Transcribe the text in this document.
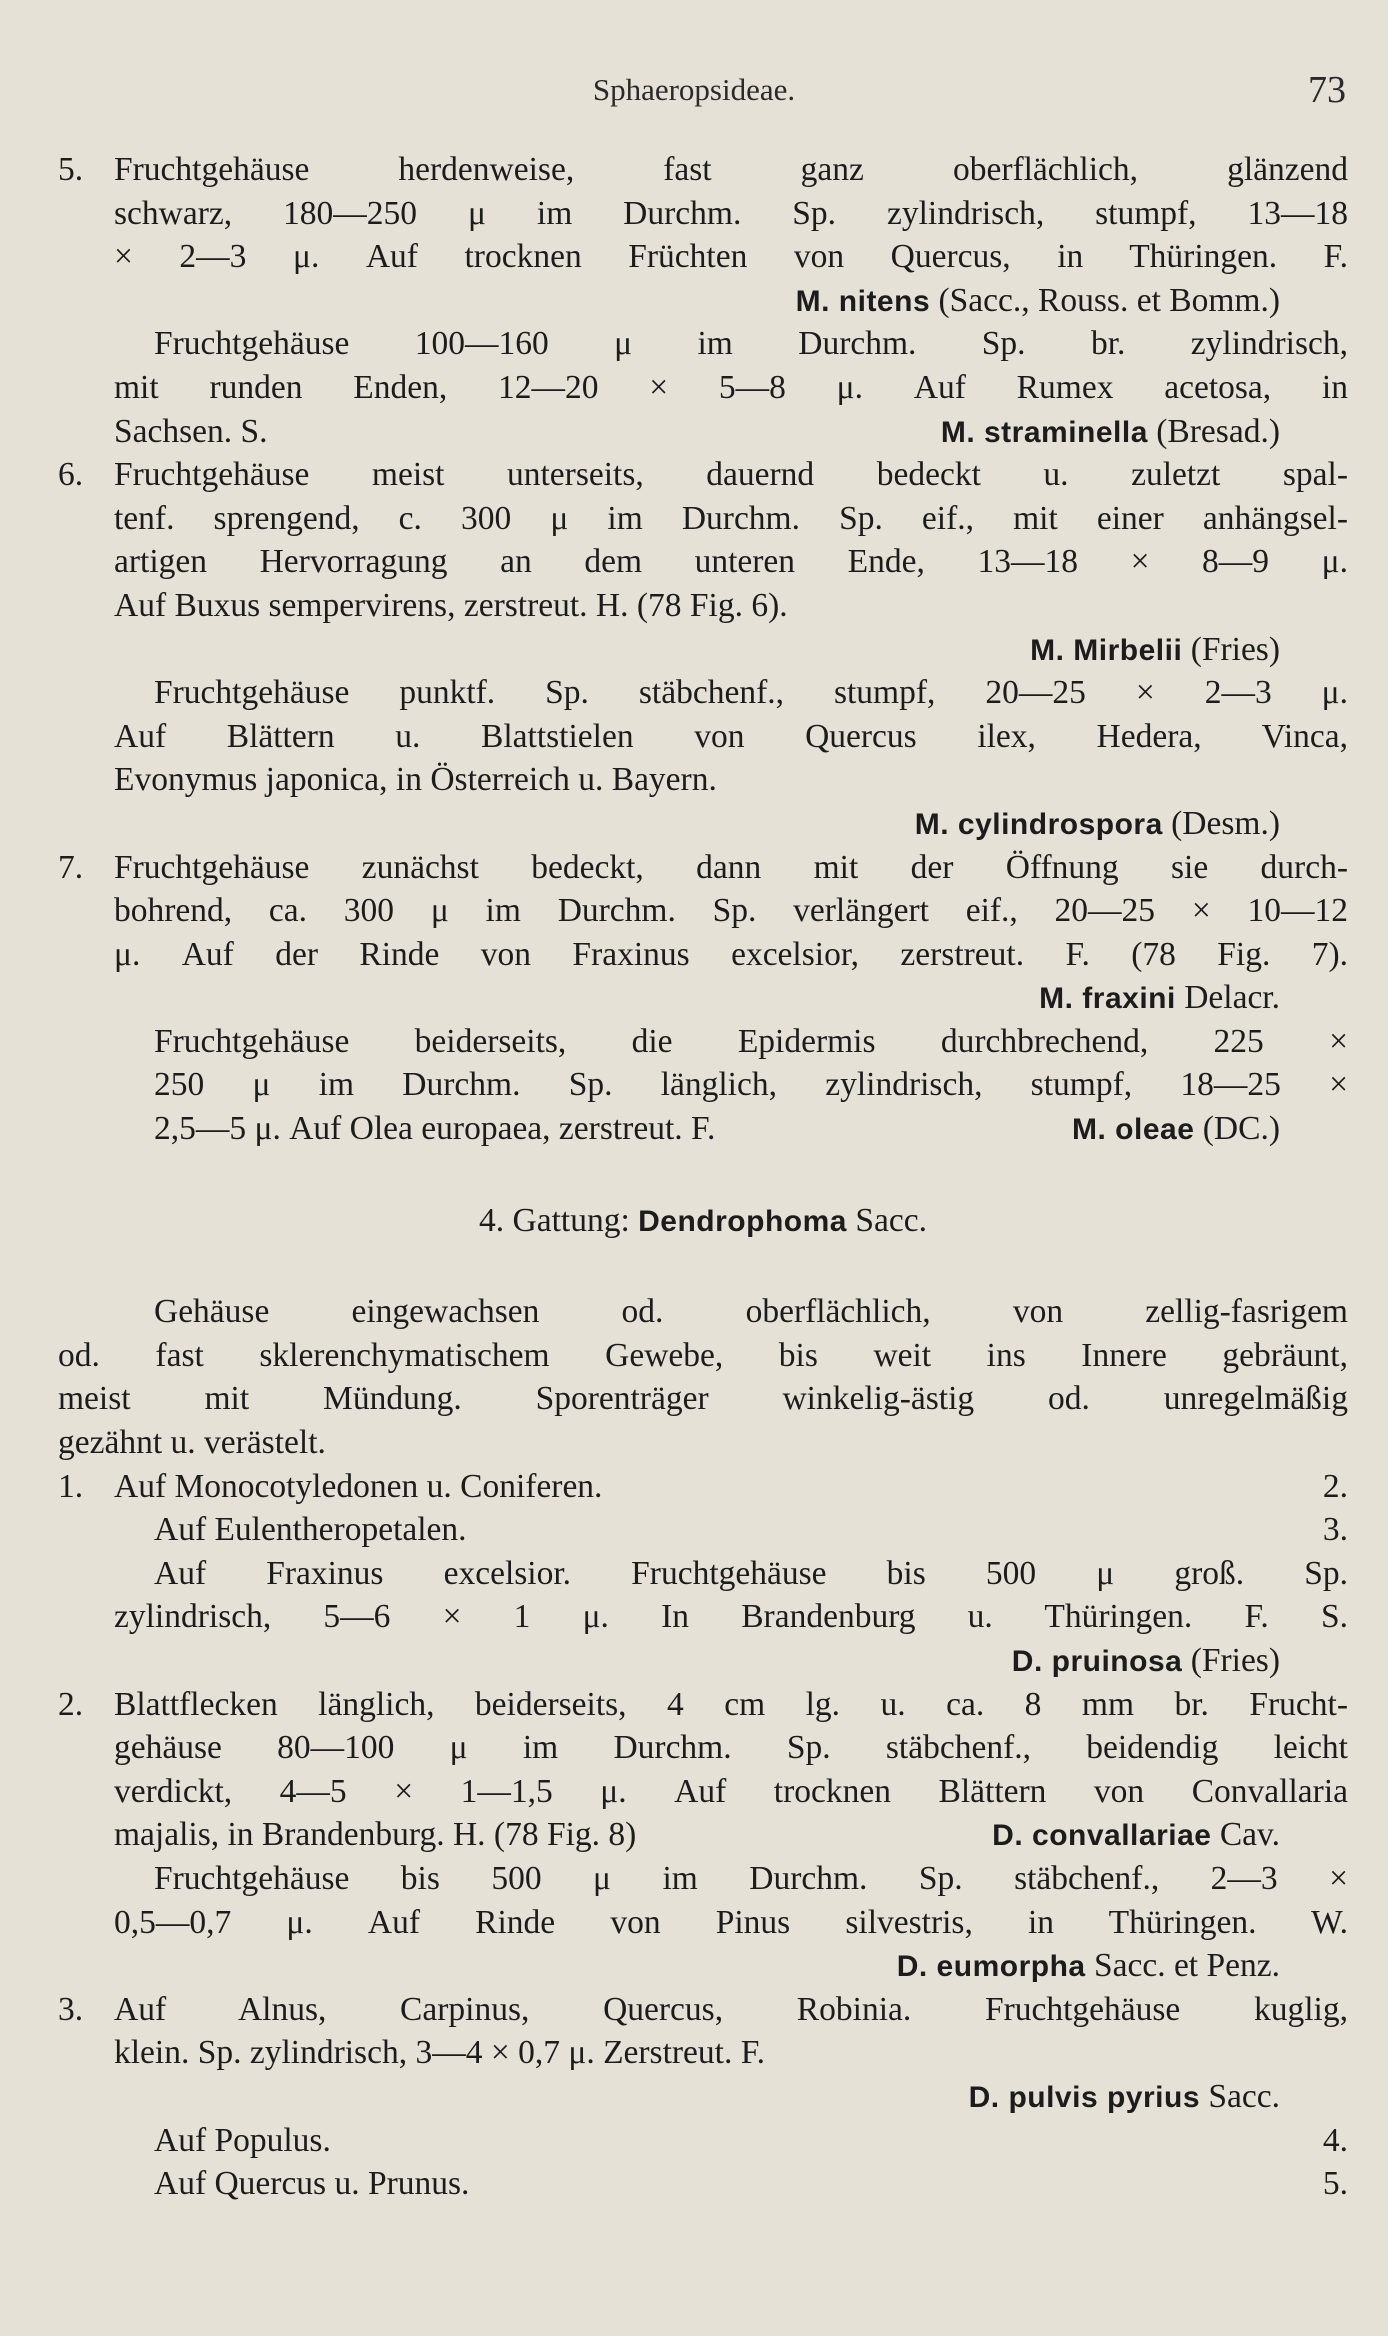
Sphaeropsideae.	73
5. Fruchtgehäuse herdenweise, fast ganz oberflächlich, glänzend
schwarz, 180—250 μ im Durchm. Sp. zylindrisch, stumpf, 13—18
× 2—3 μ. Auf trocknen Früchten von Quercus, in Thüringen. F.
M. nitens (Sacc., Rouss. et Bomm.)
Fruchtgehäuse 100—160 μ im Durchm. Sp. br. zylindrisch,
mit runden Enden, 12—20 × 5—8 μ. Auf Rumex acetosa, in
Sachsen. S.	M. straminella (Bresad.)
6. Fruchtgehäuse meist unterseits, dauernd bedeckt u. zuletzt spal-
tenf. sprengend, c. 300 μ im Durchm. Sp. eif., mit einer anhängsel-
artigen Hervorragung an dem unteren Ende, 13—18 × 8—9 μ.
Auf Buxus sempervirens, zerstreut. H. (78 Fig. 6).
M. Mirbelii (Fries)
Fruchtgehäuse punktf. Sp. stäbchenf., stumpf, 20—25 × 2—3 μ.
Auf Blättern u. Blattstielen von Quercus ilex, Hedera, Vinca,
Evonymus japonica, in Österreich u. Bayern.
M. cylindrospora (Desm.)
7. Fruchtgehäuse zunächst bedeckt, dann mit der Öffnung sie durch-
bohrend, ca. 300 μ im Durchm. Sp. verlängert eif., 20—25 × 10—12
μ. Auf der Rinde von Fraxinus excelsior, zerstreut. F. (78 Fig. 7).
M. fraxini Delacr.
Fruchtgehäuse beiderseits, die Epidermis durchbrechend, 225 ×
250 μ im Durchm. Sp. länglich, zylindrisch, stumpf, 18—25 ×
2,5—5 μ. Auf Olea europaea, zerstreut. F.	M. oleae (DC.)
4. Gattung: Dendrophoma Sacc.
Gehäuse eingewachsen od. oberflächlich, von zellig-fasrigem
od. fast sklerenchymatischem Gewebe, bis weit ins Innere gebräunt,
meist mit Mündung. Sporenträger winkelig-ästig od. unregelmäßig
gezähnt u. verästelt.
1. Auf Monocotyledonen u. Coniferen.	2.
Auf Eulentheropetalen.	3.
Auf Fraxinus excelsior. Fruchtgehäuse bis 500 μ groß. Sp.
zylindrisch, 5—6 × 1 μ. In Brandenburg u. Thüringen. F. S.
D. pruinosa (Fries)
2. Blattflecken länglich, beiderseits, 4 cm lg. u. ca. 8 mm br. Frucht-
gehäuse 80—100 μ im Durchm. Sp. stäbchenf., beidendig leicht
verdickt, 4—5 × 1—1,5 μ. Auf trocknen Blättern von Convallaria
majalis, in Brandenburg. H. (78 Fig. 8)	D. convallariae Cav.
Fruchtgehäuse bis 500 μ im Durchm. Sp. stäbchenf., 2—3 ×
0,5—0,7 μ. Auf Rinde von Pinus silvestris, in Thüringen. W.
D. eumorpha Sacc. et Penz.
3. Auf Alnus, Carpinus, Quercus, Robinia. Fruchtgehäuse kuglig,
klein. Sp. zylindrisch, 3—4 × 0,7 μ. Zerstreut. F.
D. pulvis pyrius Sacc.
Auf Populus.	4.
Auf Quercus u. Prunus.	5.
